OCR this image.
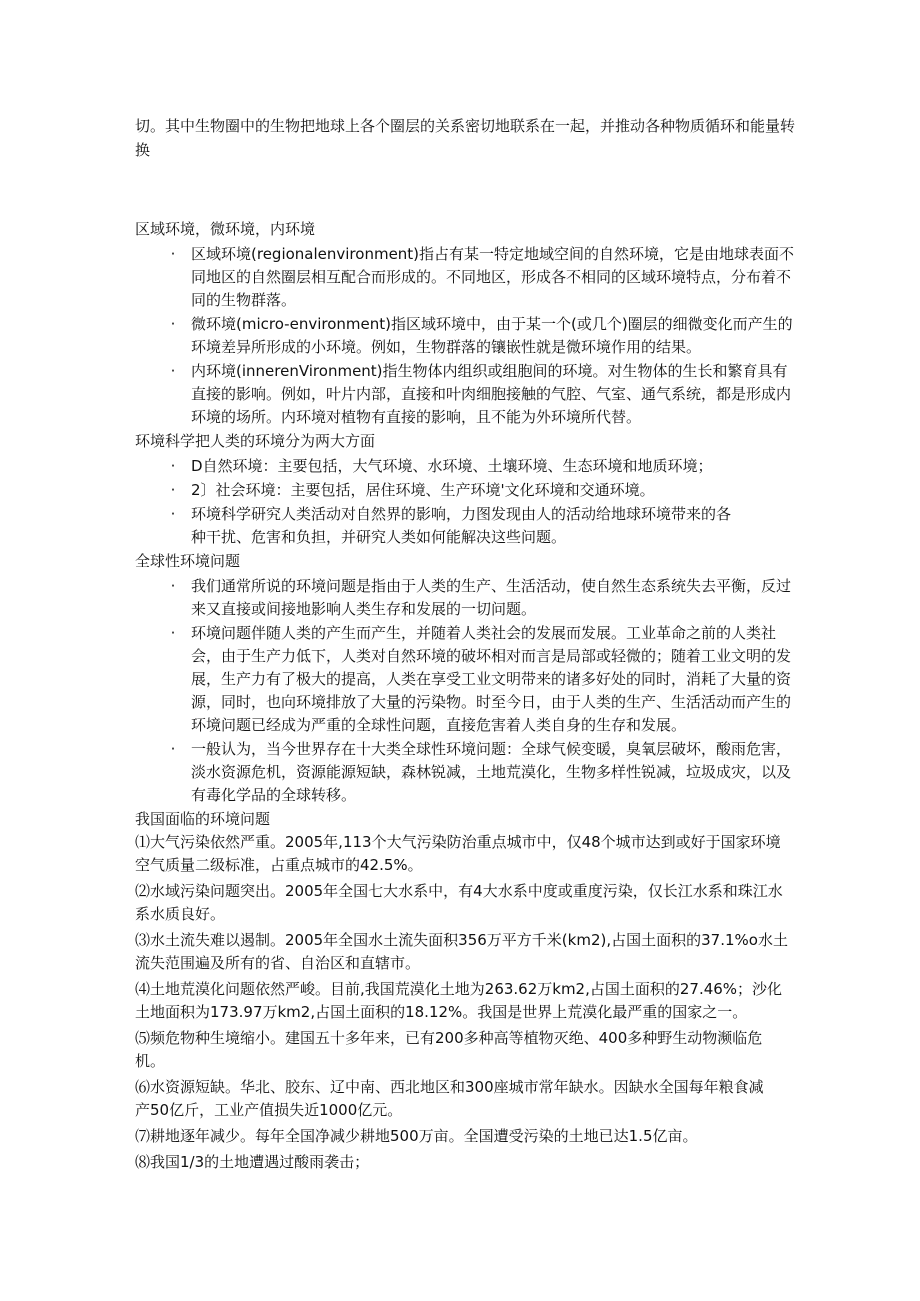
切。其中生物圈中的生物把地球上各个圈层的关系密切地联系在一起，并推动各种物质循环和能量转换

区域环境，微环境，内环境

· 区域环境(regionalenvironment)指占有某一特定地域空间的自然环境，它是由地球表面不同地区的自然圈层相互配合而形成的。不同地区，形成各不相同的区域环境特点，分布着不同的生物群落。
· 微环境(micro-environment)指区域环境中，由于某一个(或几个)圈层的细微变化而产生的环境差异所形成的小环境。例如，生物群落的镶嵌性就是微环境作用的结果。
· 内环境(innerenVironment)指生物体内组织或组胞间的环境。对生物体的生长和繁育具有直接的影响。例如，叶片内部，直接和叶肉细胞接触的气腔、气室、通气系统，都是形成内环境的场所。内环境对植物有直接的影响，且不能为外环境所代替。

环境科学把人类的环境分为两大方面

· D自然环境：主要包括，大气环境、水环境、土壤环境、生态环境和地质环境；
· 2〕社会环境：主要包括，居住环境、生产环境'文化环境和交通环境。
· 环境科学研究人类活动对自然界的影响，力图发现由人的活动给地球环境带来的各种干扰、危害和负担，并研究人类如何能解决这些问题。

全球性环境问题

· 我们通常所说的环境问题是指由于人类的生产、生活活动，使自然生态系统失去平衡，反过来又直接或间接地影响人类生存和发展的一切问题。
· 环境问题伴随人类的产生而产生，并随着人类社会的发展而发展。工业革命之前的人类社会，由于生产力低下，人类对自然环境的破坏相对而言是局部或轻微的；随着工业文明的发展，生产力有了极大的提高，人类在享受工业文明带来的诸多好处的同时，消耗了大量的资源，同时，也向环境排放了大量的污染物。时至今日，由于人类的生产、生活活动而产生的环境问题已经成为严重的全球性问题，直接危害着人类自身的生存和发展。
· 一般认为，当今世界存在十大类全球性环境问题：全球气候变暖，臭氧层破坏，酸雨危害，淡水资源危机，资源能源短缺，森林锐减，土地荒漠化，生物多样性锐减，垃圾成灾，以及有毒化学品的全球转移。

我国面临的环境问题

⑴大气污染依然严重。2005年,113个大气污染防治重点城市中，仅48个城市达到或好于国家环境空气质量二级标准，占重点城市的42.5%。

⑵水域污染问题突出。2005年全国七大水系中，有4大水系中度或重度污染，仅长江水系和珠江水系水质良好。

⑶水土流失难以遏制。2005年全国水土流失面积356万平方千米(km2),占国土面积的37.1%o水土流失范围遍及所有的省、自治区和直辖市。

⑷土地荒漠化问题依然严峻。目前,我国荒漠化土地为263.62万km2,占国土面积的27.46%；沙化土地面积为173.97万km2,占国土面积的18.12%。我国是世界上荒漠化最严重的国家之一。

⑸频危物种生境缩小。建国五十多年来，已有200多种高等植物灭绝、400多种野生动物濒临危机。

⑹水资源短缺。华北、胶东、辽中南、西北地区和300座城市常年缺水。因缺水全国每年粮食减产50亿斤，工业产值损失近1000亿元。

⑺耕地逐年减少。每年全国净减少耕地500万亩。全国遭受污染的土地已达1.5亿亩。

⑻我国1/3的土地遭遇过酸雨袭击；
